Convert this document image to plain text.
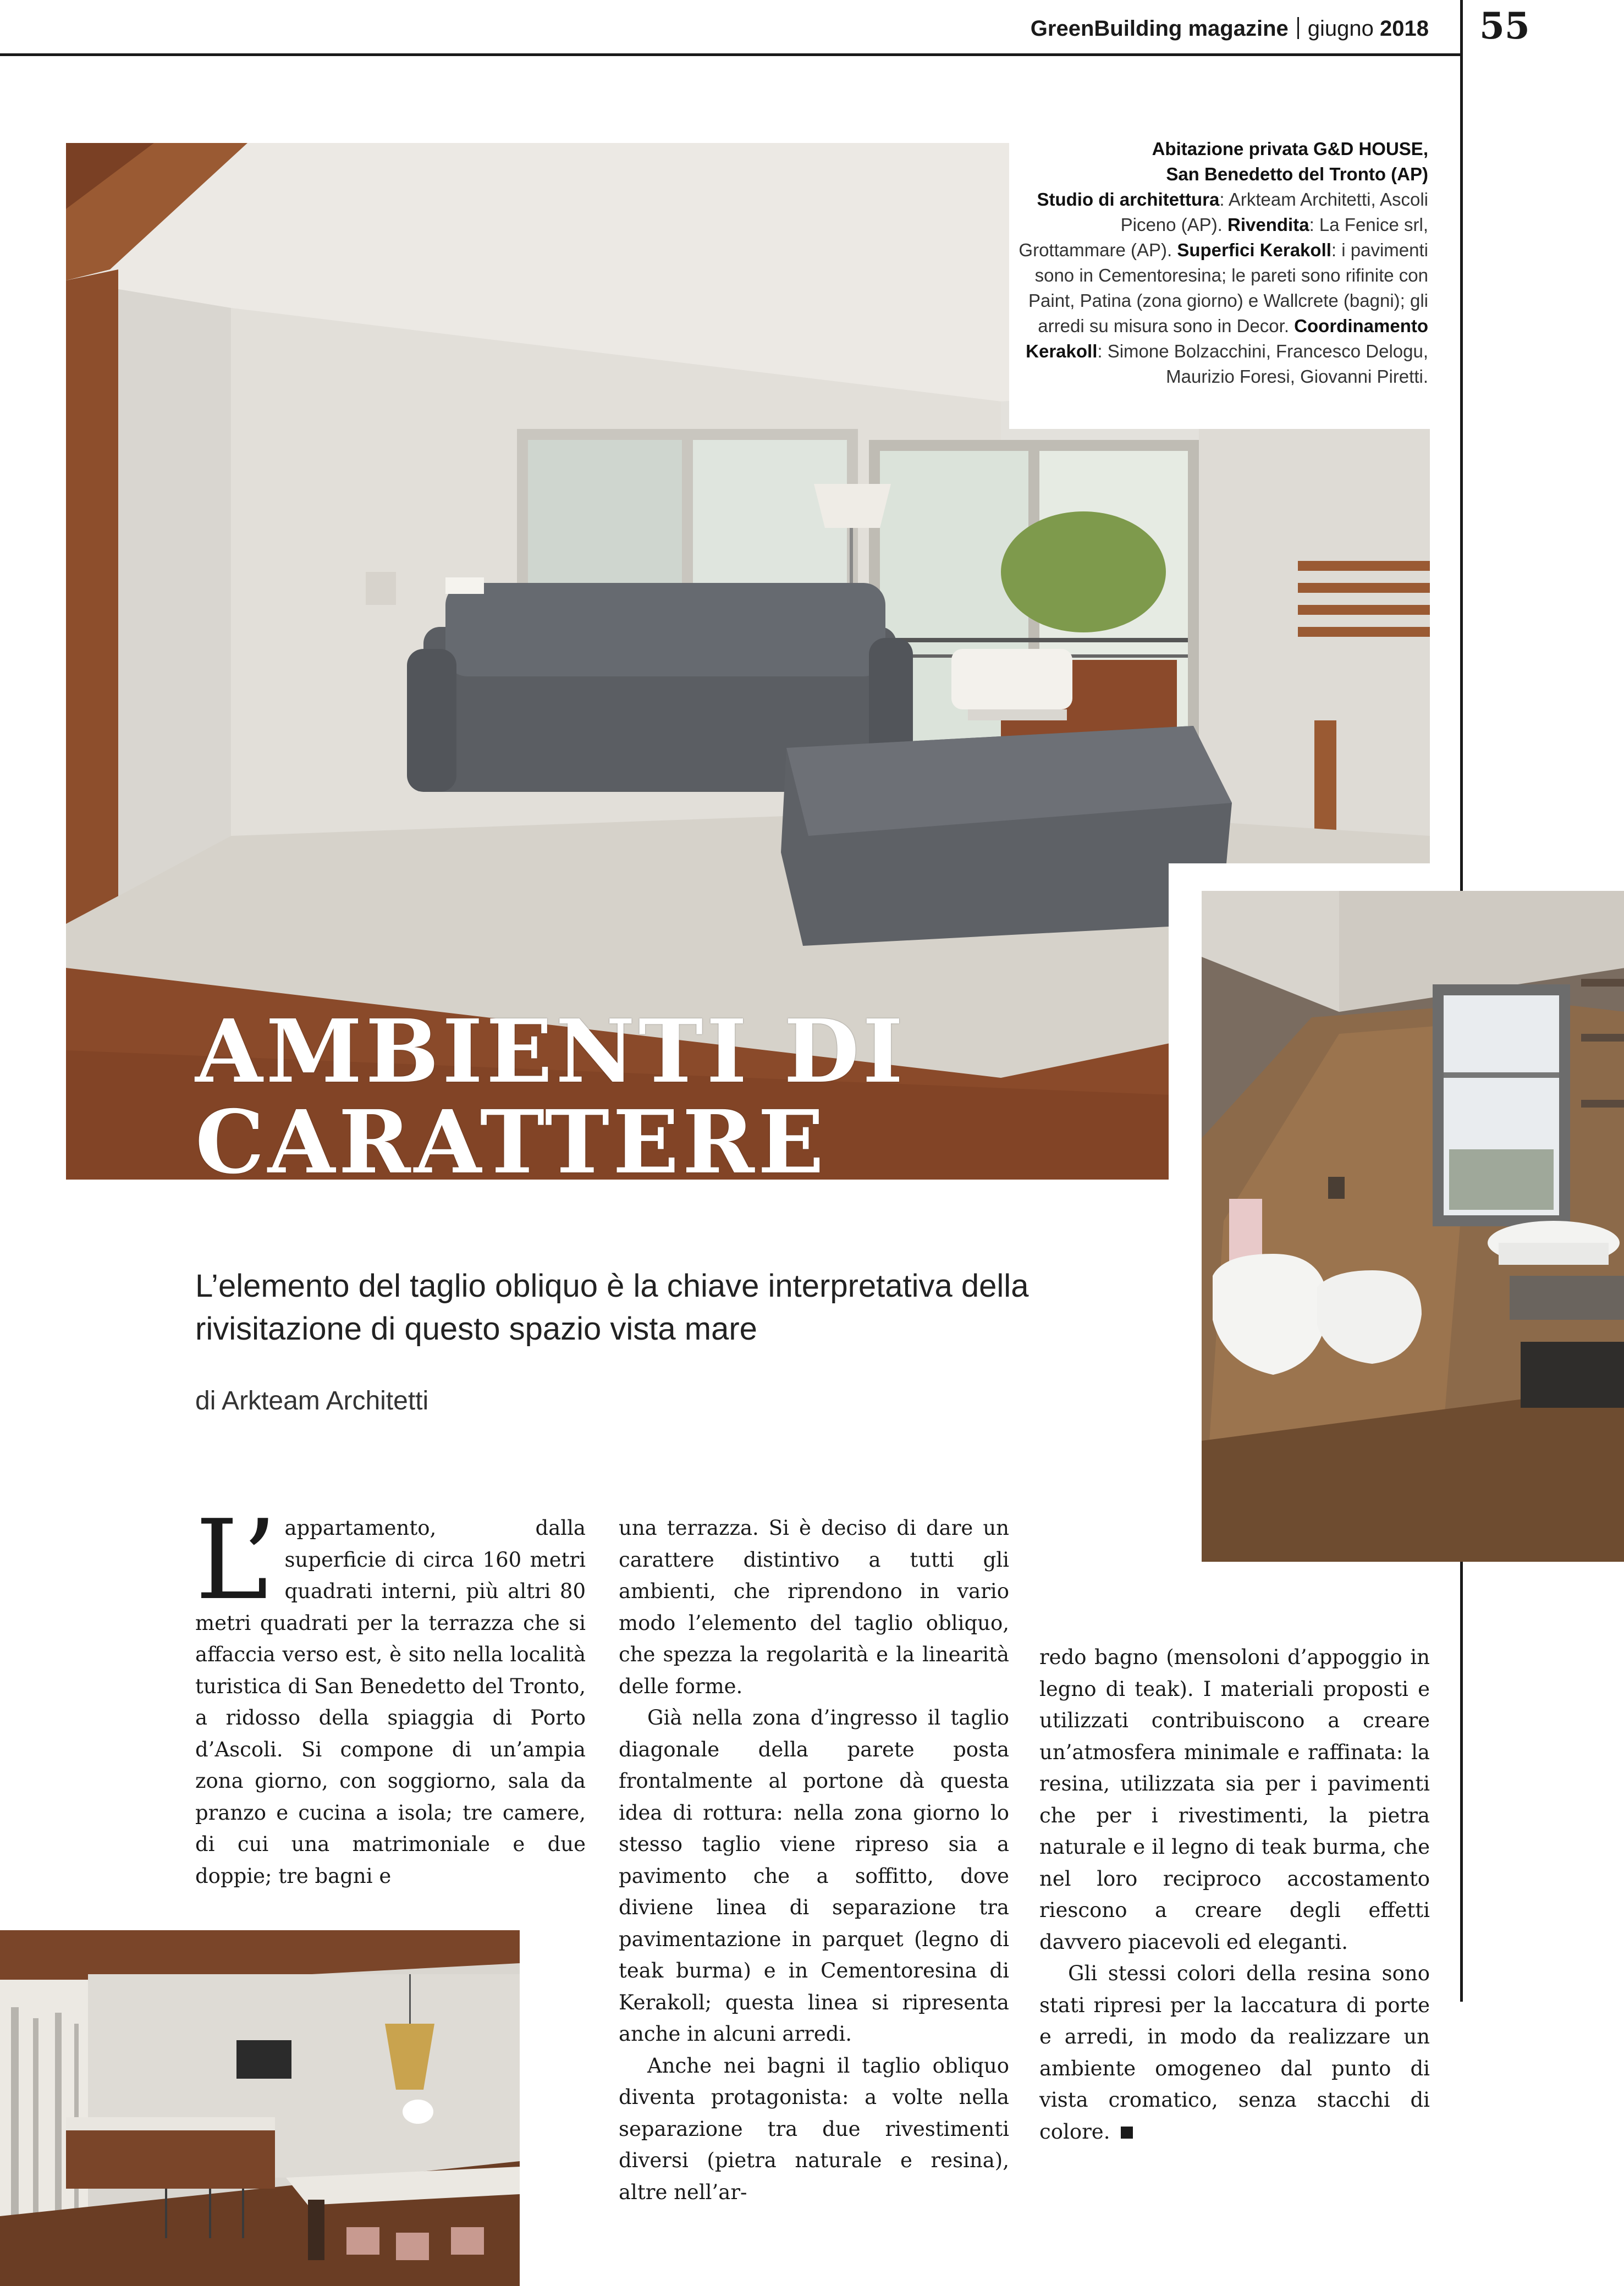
GreenBuilding magazine giugno 2018 55
Abitazione privata G&D HOUSE,
San Benedetto del Tronto (AP)
Studio di architettura: Arkteam Architetti, Ascoli Piceno (AP). Rivendita: La Fenice srl, Grottammare (AP). Superfici Kerakoll: i pavimenti sono in Cementoresina; le pareti sono rifinite con Paint, Patina (zona giorno) e Wallcrete (bagni); gli arredi su misura sono in Decor. Coordinamento Kerakoll: Simone Bolzacchini, Francesco Delogu, Maurizio Foresi, Giovanni Piretti.
AMBIENTI DI
CARATTERE
L’elemento del taglio obliquo è la chiave interpretativa della rivisitazione di questo spazio vista mare
di Arkteam Architetti

L’ appartamento, dalla superficie di circa 160 metri quadrati interni, più altri 80 metri quadrati per la terrazza che si affaccia verso est, è sito nella località turistica di San Benedetto del Tronto, a ridosso della spiaggia di Porto d’Ascoli. Si compone di un’ampia zona giorno, con soggiorno, sala da pranzo e cucina a isola; tre camere, di cui una matrimoniale e due doppie; tre bagni e

una terrazza. Si è deciso di dare un carattere distintivo a tutti gli ambienti, che riprendono in vario modo l’elemento del taglio obliquo, che spezza la regolarità e la linearità delle forme.

Già nella zona d’ingresso il taglio diagonale della parete posta frontalmente al portone dà questa idea di rottura: nella zona giorno lo stesso taglio viene ripreso sia a pavimento che a soffitto, dove diviene linea di separazione tra pavimentazione in parquet (legno di teak burma) e in Cementoresina di Kerakoll; questa linea si ripresenta anche in alcuni arredi.

Anche nei bagni il taglio obliquo diventa protagonista: a volte nella separazione tra due rivestimenti diversi (pietra naturale e resina), altre nell’ar-

redo bagno (mensoloni d’appoggio in legno di teak). I materiali proposti e utilizzati contribuiscono a creare un’atmosfera minimale e raffinata: la resina, utilizzata sia per i pavimenti che per i rivestimenti, la pietra naturale e il legno di teak burma, che nel loro reciproco accostamento riescono a creare degli effetti davvero piacevoli ed eleganti.

Gli stessi colori della resina sono stati ripresi per la laccatura di porte e arredi, in modo da realizzare un ambiente omogeneo dal punto di vista cromatico, senza stacchi di colore.
